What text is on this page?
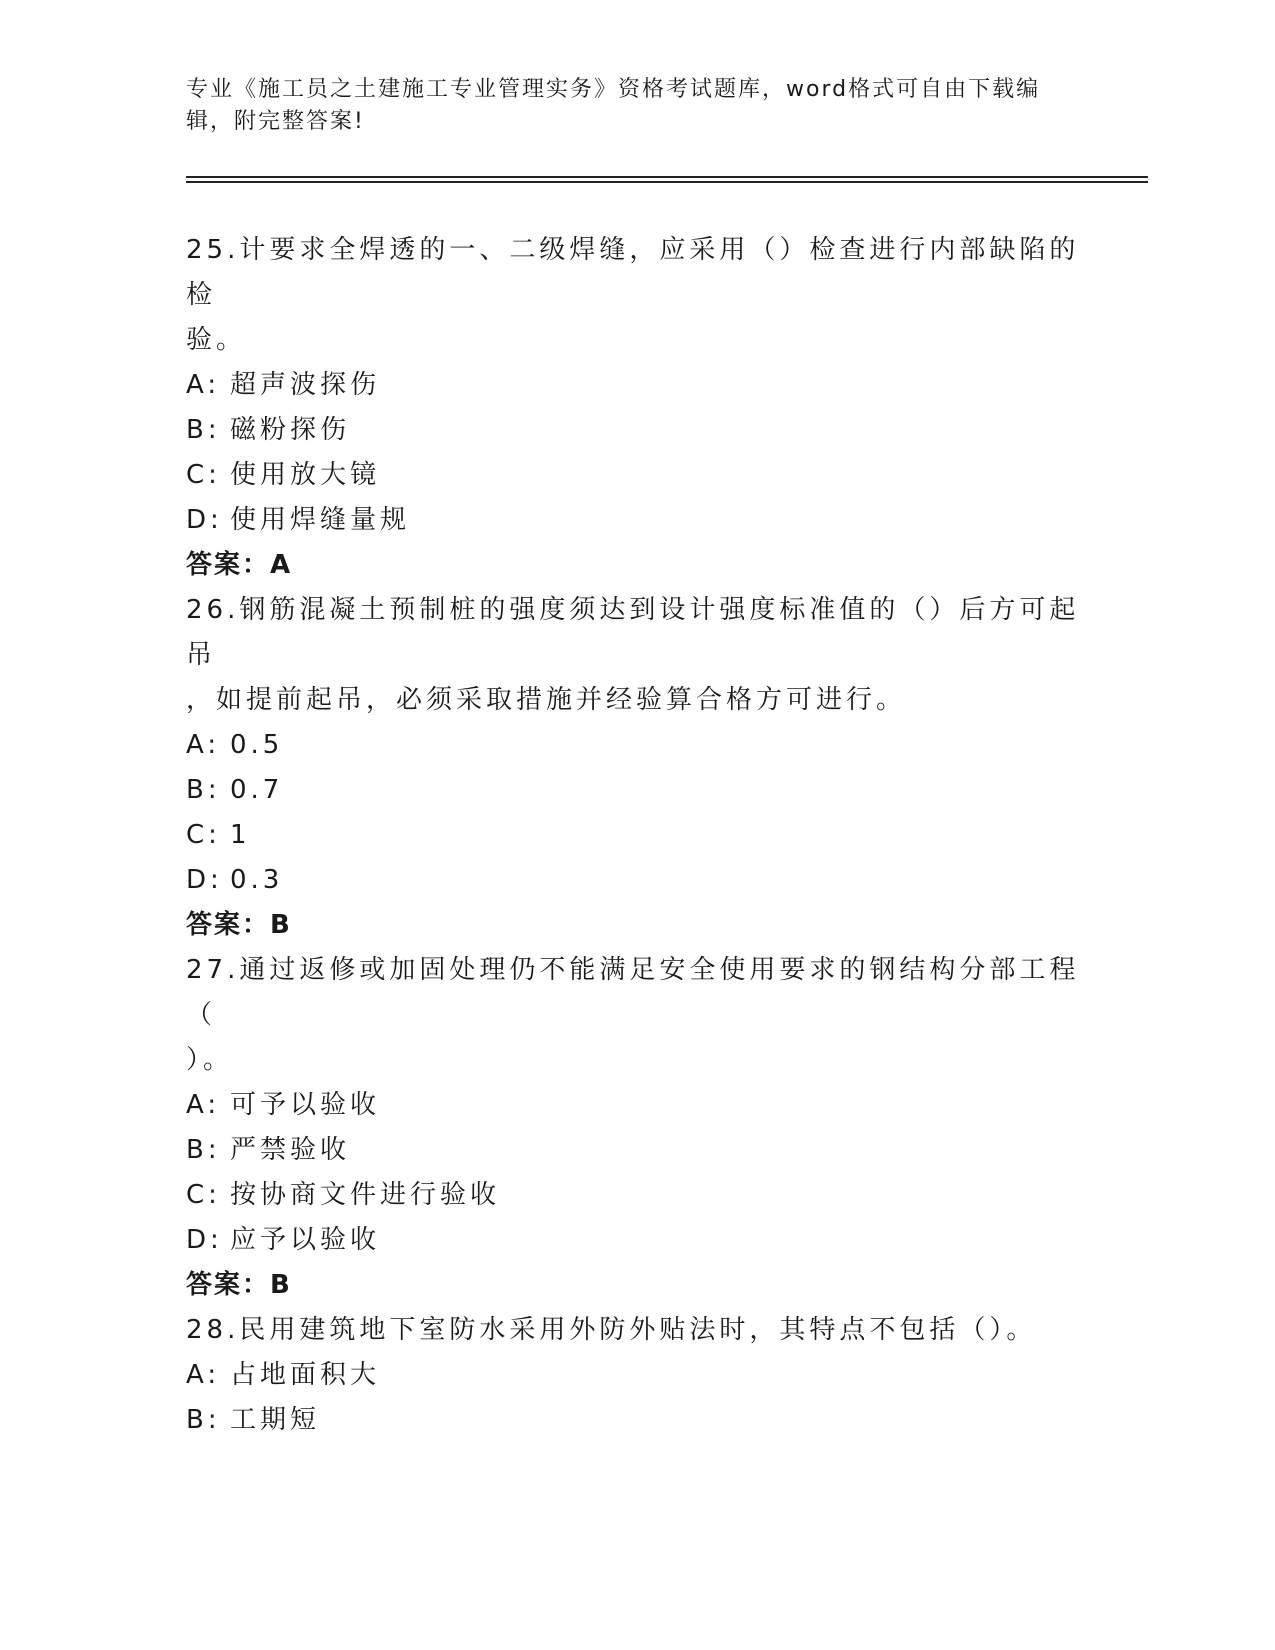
专业《施工员之土建施工专业管理实务》资格考试题库，word格式可自由下载编
辑，附完整答案!

25.计要求全焊透的一、二级焊缝，应采用（）检查进行内部缺陷的检

验。

A: 超声波探伤

B: 磁粉探伤

C: 使用放大镜

D: 使用焊缝量规

答案：A

26.钢筋混凝土预制桩的强度须达到设计强度标准值的（）后方可起吊

，如提前起吊，必须采取措施并经验算合格方可进行。

A: 0.5

B: 0.7

C: 1

D: 0.3

答案：B

27.通过返修或加固处理仍不能满足安全使用要求的钢结构分部工程（

）。

A: 可予以验收

B: 严禁验收

C: 按协商文件进行验收

D: 应予以验收

答案：B

28.民用建筑地下室防水采用外防外贴法时，其特点不包括（）。

A: 占地面积大

B: 工期短
